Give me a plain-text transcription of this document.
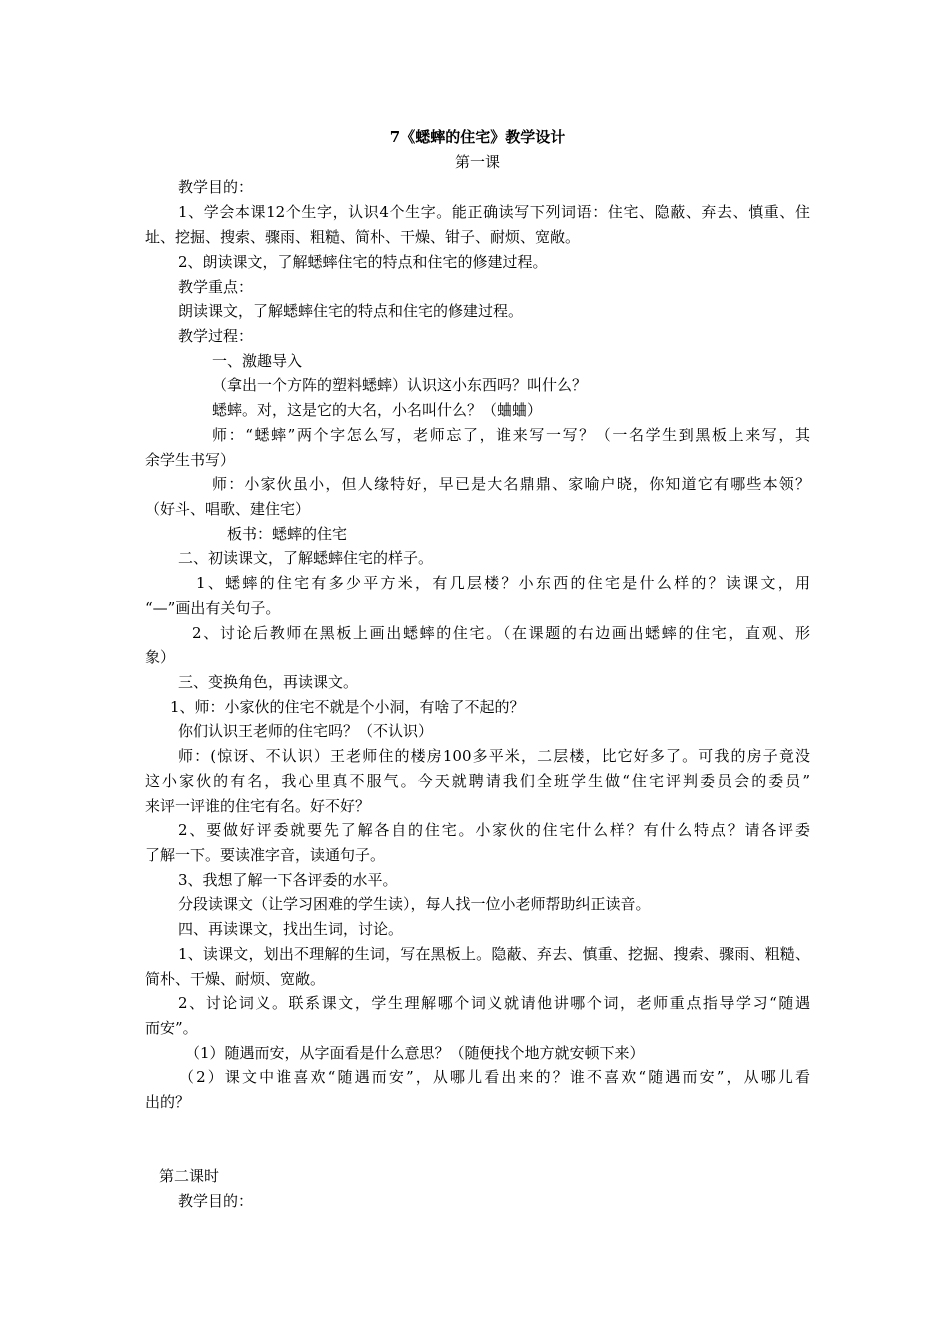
7《蟋蟀的住宅》教学设计
第一课
教学目的：
1、学会本课12个生字，认识4个生字。能正确读写下列词语：住宅、隐蔽、弃去、慎重、住
址、挖掘、搜索、骤雨、粗糙、简朴、干燥、钳子、耐烦、宽敞。
2、朗读课文，了解蟋蟀住宅的特点和住宅的修建过程。
教学重点：
朗读课文，了解蟋蟀住宅的特点和住宅的修建过程。
教学过程：
一、激趣导入
（拿出一个方阵的塑料蟋蟀）认识这小东西吗？叫什么？
蟋蟀。对，这是它的大名，小名叫什么？（蛐蛐）
师：“蟋蟀”两个字怎么写，老师忘了，谁来写一写？（一名学生到黑板上来写，其
余学生书写）
师：小家伙虽小，但人缘特好，早已是大名鼎鼎、家喻户晓，你知道它有哪些本领？
（好斗、唱歌、建住宅）
板书：蟋蟀的住宅
二、初读课文，了解蟋蟀住宅的样子。
1、蟋蟀的住宅有多少平方米，有几层楼？小东西的住宅是什么样的？读课文，用
“—”画出有关句子。
2、讨论后教师在黑板上画出蟋蟀的住宅。（在课题的右边画出蟋蟀的住宅，直观、形
象）
三、变换角色，再读课文。
1、师：小家伙的住宅不就是个小洞，有啥了不起的？
你们认识王老师的住宅吗？（不认识）
师：(惊讶、不认识）王老师住的楼房100多平米，二层楼，比它好多了。可我的房子竟没
这小家伙的有名，我心里真不服气。今天就聘请我们全班学生做“住宅评判委员会的委员”
来评一评谁的住宅有名。好不好？
2、要做好评委就要先了解各自的住宅。小家伙的住宅什么样？有什么特点？请各评委
了解一下。要读准字音，读通句子。
3、我想了解一下各评委的水平。
分段读课文（让学习困难的学生读），每人找一位小老师帮助纠正读音。
四、再读课文，找出生词，讨论。
1、读课文，划出不理解的生词，写在黑板上。隐蔽、弃去、慎重、挖掘、搜索、骤雨、粗糙、
简朴、干燥、耐烦、宽敞。
2、讨论词义。联系课文，学生理解哪个词义就请他讲哪个词，老师重点指导学习“随遇
而安”。
（1）随遇而安，从字面看是什么意思？（随便找个地方就安顿下来）
（2）课文中谁喜欢“随遇而安”，从哪儿看出来的？谁不喜欢“随遇而安”，从哪儿看
出的？
第二课时
教学目的：
